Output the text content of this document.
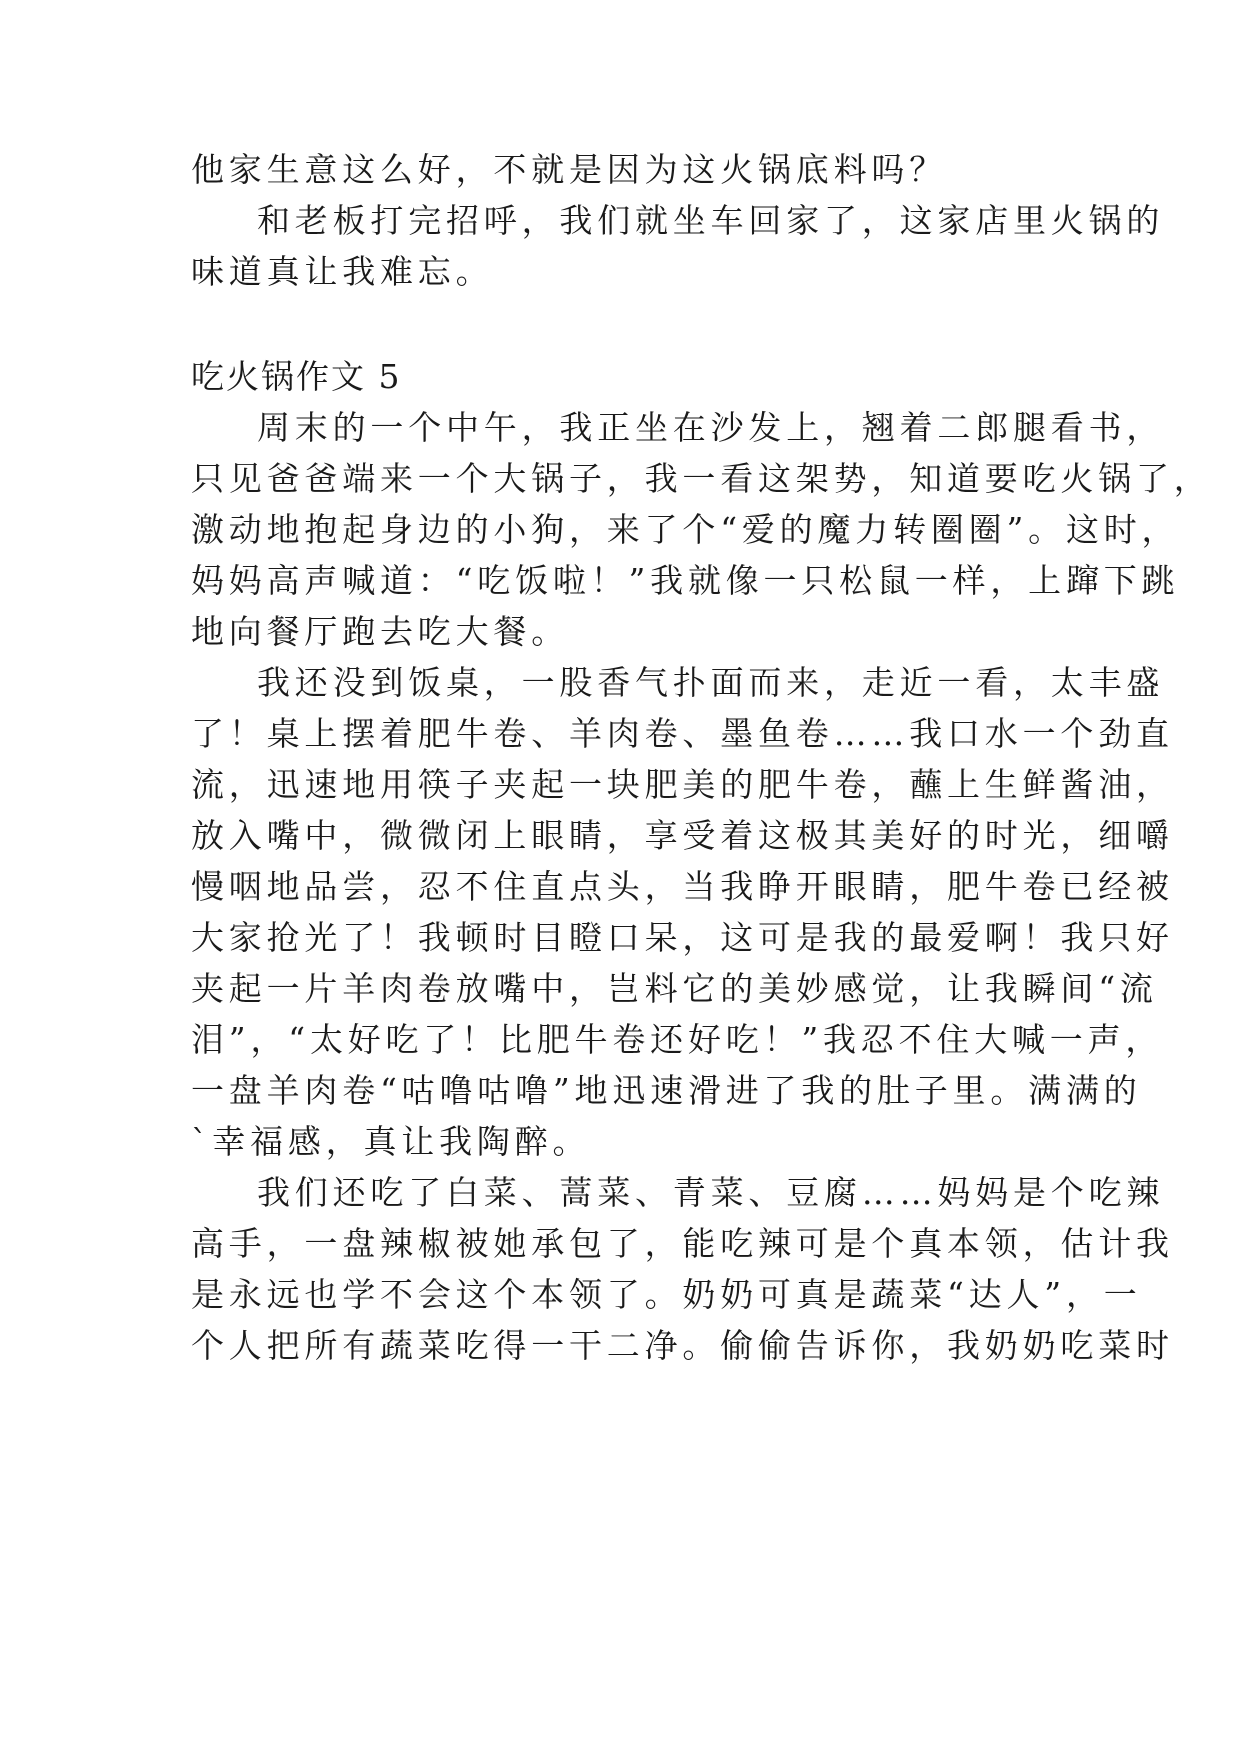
他家生意这么好，不就是因为这火锅底料吗？
和老板打完招呼，我们就坐车回家了，这家店里火锅的
味道真让我难忘。
吃火锅作文 5
周末的一个中午，我正坐在沙发上，翘着二郎腿看书，
只见爸爸端来一个大锅子，我一看这架势，知道要吃火锅了，
激动地抱起身边的小狗，来了个“爱的魔力转圈圈”。这时，
妈妈高声喊道：“吃饭啦！”我就像一只松鼠一样，上蹿下跳
地向餐厅跑去吃大餐。
我还没到饭桌，一股香气扑面而来，走近一看，太丰盛
了！桌上摆着肥牛卷、羊肉卷、墨鱼卷……我口水一个劲直
流，迅速地用筷子夹起一块肥美的肥牛卷，蘸上生鲜酱油，
放入嘴中，微微闭上眼睛，享受着这极其美好的时光，细嚼
慢咽地品尝，忍不住直点头，当我睁开眼睛，肥牛卷已经被
大家抢光了！我顿时目瞪口呆，这可是我的最爱啊！我只好
夹起一片羊肉卷放嘴中，岂料它的美妙感觉，让我瞬间“流
泪”，“太好吃了！比肥牛卷还好吃！”我忍不住大喊一声，
一盘羊肉卷“咕噜咕噜”地迅速滑进了我的肚子里。满满的
`幸福感，真让我陶醉。
我们还吃了白菜、蒿菜、青菜、豆腐……妈妈是个吃辣
高手，一盘辣椒被她承包了，能吃辣可是个真本领，估计我
是永远也学不会这个本领了。奶奶可真是蔬菜“达人”，一
个人把所有蔬菜吃得一干二净。偷偷告诉你，我奶奶吃菜时
